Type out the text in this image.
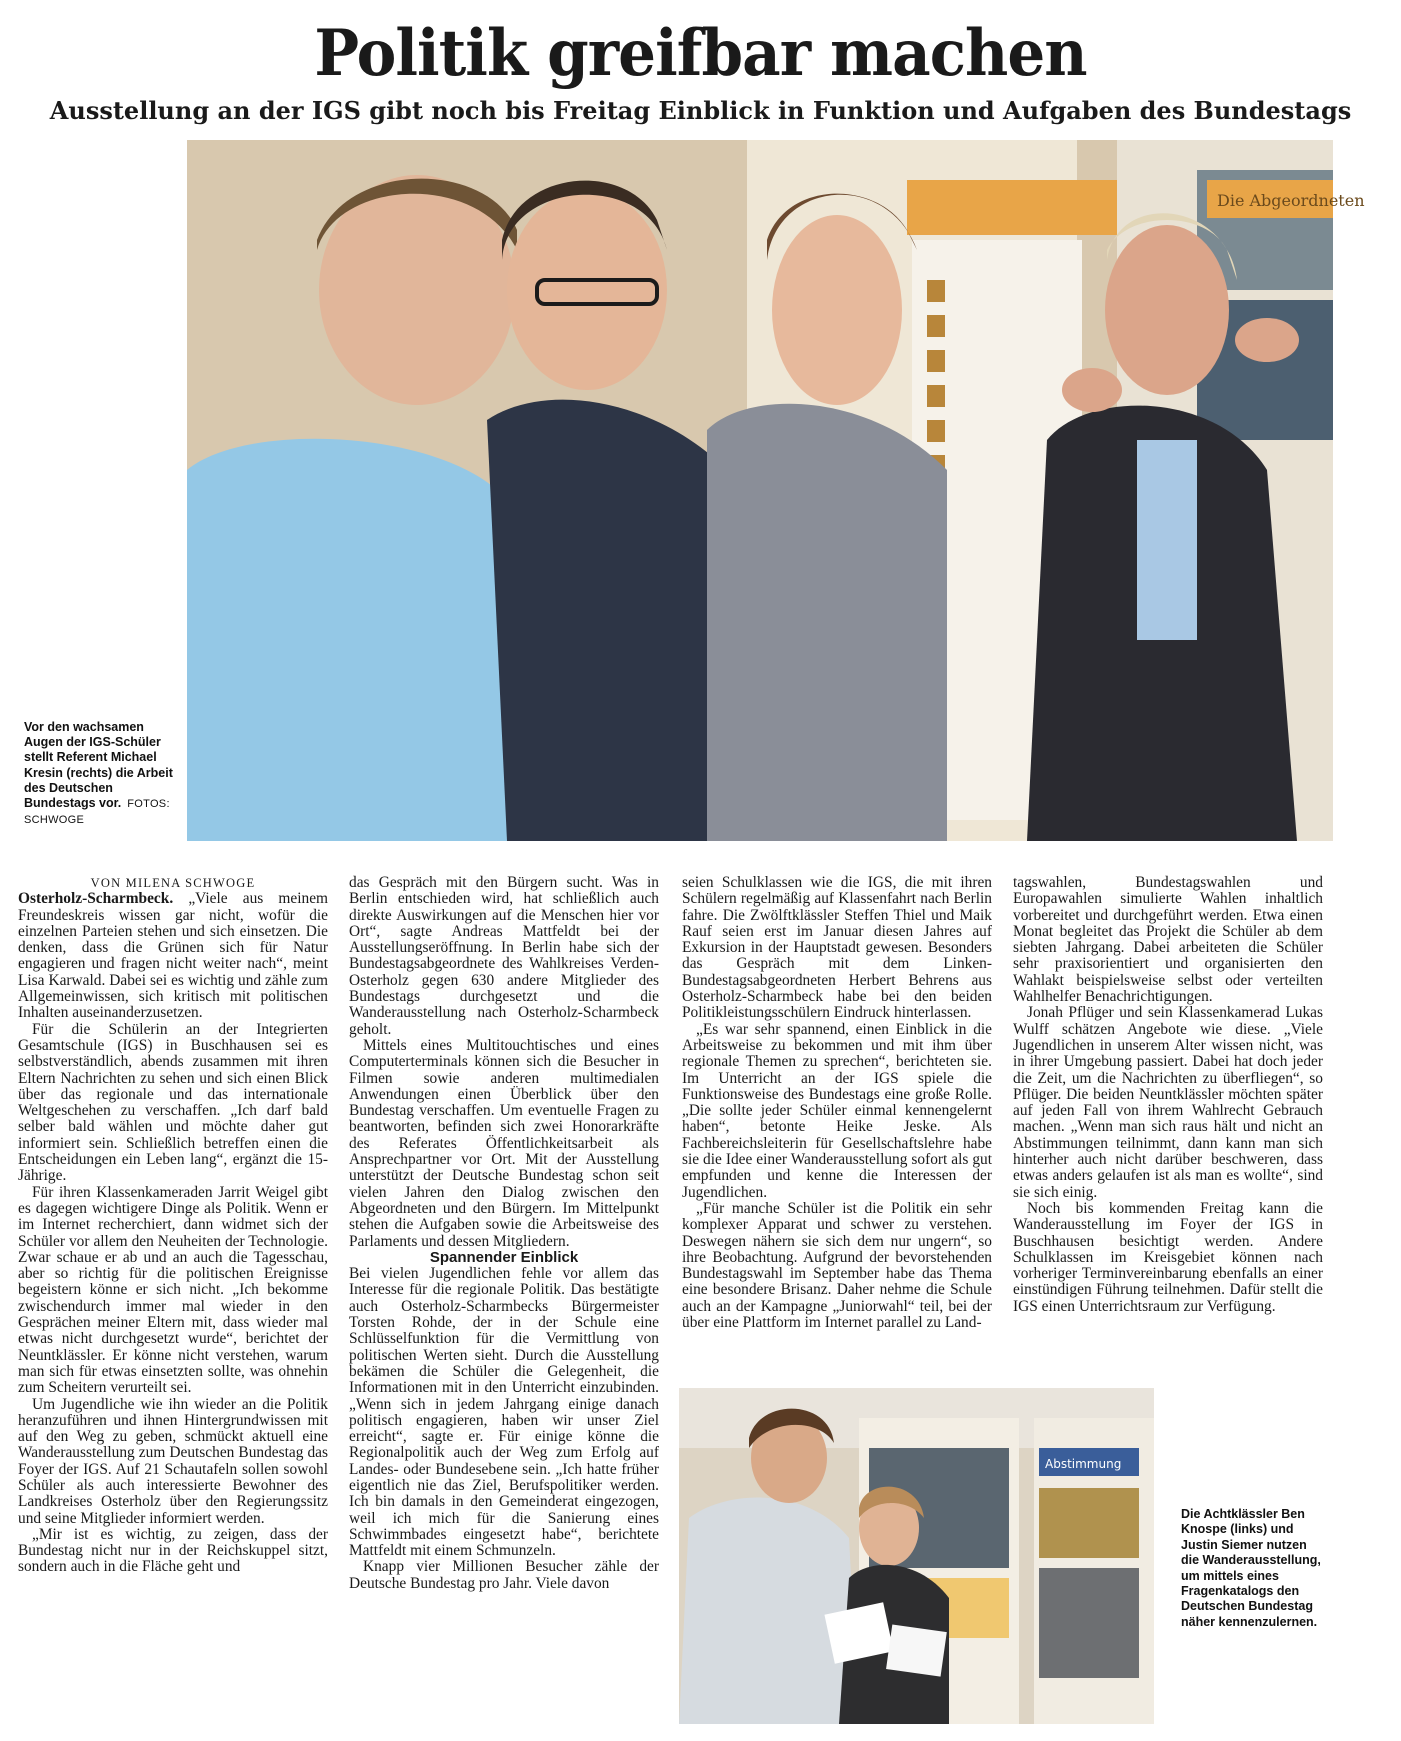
Politik greifbar machen
Ausstellung an der IGS gibt noch bis Freitag Einblick in Funktion und Aufgaben des Bundestags
Die Abgeordneten
Vor den wachsamen Augen der IGS-Schüler stellt Referent Michael Kresin (rechts) die Arbeit des Deutschen Bundestags vor. FOTOS: SCHWOGE
Abstimmung
Die Achtklässler Ben Knospe (links) und Justin Siemer nutzen die Wanderausstellung, um mittels eines Fragenkatalogs den Deutschen Bundestag näher kennenzulernen.

VON MILENA SCHWOGE

Osterholz-Scharmbeck. „Viele aus meinem Freundeskreis wissen gar nicht, wofür die einzelnen Parteien stehen und sich einsetzen. Die denken, dass die Grünen sich für Natur engagieren und fragen nicht weiter nach“, meint Lisa Karwald. Dabei sei es wichtig und zähle zum Allgemeinwissen, sich kritisch mit politischen Inhalten auseinanderzusetzen.

Für die Schülerin an der Integrierten Gesamtschule (IGS) in Buschhausen sei es selbstverständlich, abends zusammen mit ihren Eltern Nachrichten zu sehen und sich einen Blick über das regionale und das internationale Weltgeschehen zu verschaffen. „Ich darf bald selber bald wählen und möchte daher gut informiert sein. Schließlich betreffen einen die Entscheidungen ein Leben lang“, ergänzt die 15-Jährige.

Für ihren Klassenkameraden Jarrit Weigel gibt es dagegen wichtigere Dinge als Politik. Wenn er im Internet recherchiert, dann widmet sich der Schüler vor allem den Neuheiten der Technologie. Zwar schaue er ab und an auch die Tagesschau, aber so richtig für die politischen Ereignisse begeistern könne er sich nicht. „Ich bekomme zwischendurch immer mal wieder in den Gesprächen meiner Eltern mit, dass wieder mal etwas nicht durchgesetzt wurde“, berichtet der Neuntklässler. Er könne nicht verstehen, warum man sich für etwas einsetzten sollte, was ohnehin zum Scheitern verurteilt sei.

Um Jugendliche wie ihn wieder an die Politik heranzuführen und ihnen Hintergrundwissen mit auf den Weg zu geben, schmückt aktuell eine Wanderausstellung zum Deutschen Bundestag das Foyer der IGS. Auf 21 Schautafeln sollen sowohl Schüler als auch interessierte Bewohner des Landkreises Osterholz über den Regierungssitz und seine Mitglieder informiert werden.

„Mir ist es wichtig, zu zeigen, dass der Bundestag nicht nur in der Reichskuppel sitzt, sondern auch in die Fläche geht und

das Gespräch mit den Bürgern sucht. Was in Berlin entschieden wird, hat schließlich auch direkte Auswirkungen auf die Menschen hier vor Ort“, sagte Andreas Mattfeldt bei der Ausstellungseröffnung. In Berlin habe sich der Bundestagsabgeordnete des Wahlkreises Verden-Osterholz gegen 630 andere Mitglieder des Bundestags durchgesetzt und die Wanderausstellung nach Osterholz-Scharmbeck geholt.

Mittels eines Multitouchtisches und eines Computerterminals können sich die Besucher in Filmen sowie anderen multimedialen Anwendungen einen Überblick über den Bundestag verschaffen. Um eventuelle Fragen zu beantworten, befinden sich zwei Honorarkräfte des Referates Öffentlichkeitsarbeit als Ansprechpartner vor Ort. Mit der Ausstellung unterstützt der Deutsche Bundestag schon seit vielen Jahren den Dialog zwischen den Abgeordneten und den Bürgern. Im Mittelpunkt stehen die Aufgaben sowie die Arbeitsweise des Parlaments und dessen Mitgliedern.

Spannender Einblick

Bei vielen Jugendlichen fehle vor allem das Interesse für die regionale Politik. Das bestätigte auch Osterholz-Scharmbecks Bürgermeister Torsten Rohde, der in der Schule eine Schlüsselfunktion für die Vermittlung von politischen Werten sieht. Durch die Ausstellung bekämen die Schüler die Gelegenheit, die Informationen mit in den Unterricht einzubinden. „Wenn sich in jedem Jahrgang einige danach politisch engagieren, haben wir unser Ziel erreicht“, sagte er. Für einige könne die Regionalpolitik auch der Weg zum Erfolg auf Landes- oder Bundesebene sein. „Ich hatte früher eigentlich nie das Ziel, Berufspolitiker werden. Ich bin damals in den Gemeinderat eingezogen, weil ich mich für die Sanierung eines Schwimmbades eingesetzt habe“, berichtete Mattfeldt mit einem Schmunzeln.

Knapp vier Millionen Besucher zähle der Deutsche Bundestag pro Jahr. Viele davon

seien Schulklassen wie die IGS, die mit ihren Schülern regelmäßig auf Klassenfahrt nach Berlin fahre. Die Zwölftklässler Steffen Thiel und Maik Rauf seien erst im Januar diesen Jahres auf Exkursion in der Hauptstadt gewesen. Besonders das Gespräch mit dem Linken-Bundestagsabgeordneten Herbert Behrens aus Osterholz-Scharmbeck habe bei den beiden Politikleistungsschülern Eindruck hinterlassen.

„Es war sehr spannend, einen Einblick in die Arbeitsweise zu bekommen und mit ihm über regionale Themen zu sprechen“, berichteten sie. Im Unterricht an der IGS spiele die Funktionsweise des Bundestags eine große Rolle. „Die sollte jeder Schüler einmal kennengelernt haben“, betonte Heike Jeske. Als Fachbereichsleiterin für Gesellschaftslehre habe sie die Idee einer Wanderausstellung sofort als gut empfunden und kenne die Interessen der Jugendlichen.

„Für manche Schüler ist die Politik ein sehr komplexer Apparat und schwer zu verstehen. Deswegen nähern sie sich dem nur ungern“, so ihre Beobachtung. Aufgrund der bevorstehenden Bundestagswahl im September habe das Thema eine besondere Brisanz. Daher nehme die Schule auch an der Kampagne „Juniorwahl“ teil, bei der über eine Plattform im Internet parallel zu Land-

tagswahlen, Bundestagswahlen und Europawahlen simulierte Wahlen inhaltlich vorbereitet und durchgeführt werden. Etwa einen Monat begleitet das Projekt die Schüler ab dem siebten Jahrgang. Dabei arbeiteten die Schüler sehr praxisorientiert und organisierten den Wahlakt beispielsweise selbst oder verteilten Wahlhelfer Benachrichtigungen.

Jonah Pflüger und sein Klassenkamerad Lukas Wulff schätzen Angebote wie diese. „Viele Jugendlichen in unserem Alter wissen nicht, was in ihrer Umgebung passiert. Dabei hat doch jeder die Zeit, um die Nachrichten zu überfliegen“, so Pflüger. Die beiden Neuntklässler möchten später auf jeden Fall von ihrem Wahlrecht Gebrauch machen. „Wenn man sich raus hält und nicht an Abstimmungen teilnimmt, dann kann man sich hinterher auch nicht darüber beschweren, dass etwas anders gelaufen ist als man es wollte“, sind sie sich einig.

Noch bis kommenden Freitag kann die Wanderausstellung im Foyer der IGS in Buschhausen besichtigt werden. Andere Schulklassen im Kreisgebiet können nach vorheriger Terminvereinbarung ebenfalls an einer einstündigen Führung teilnehmen. Dafür stellt die IGS einen Unterrichtsraum zur Verfügung.
